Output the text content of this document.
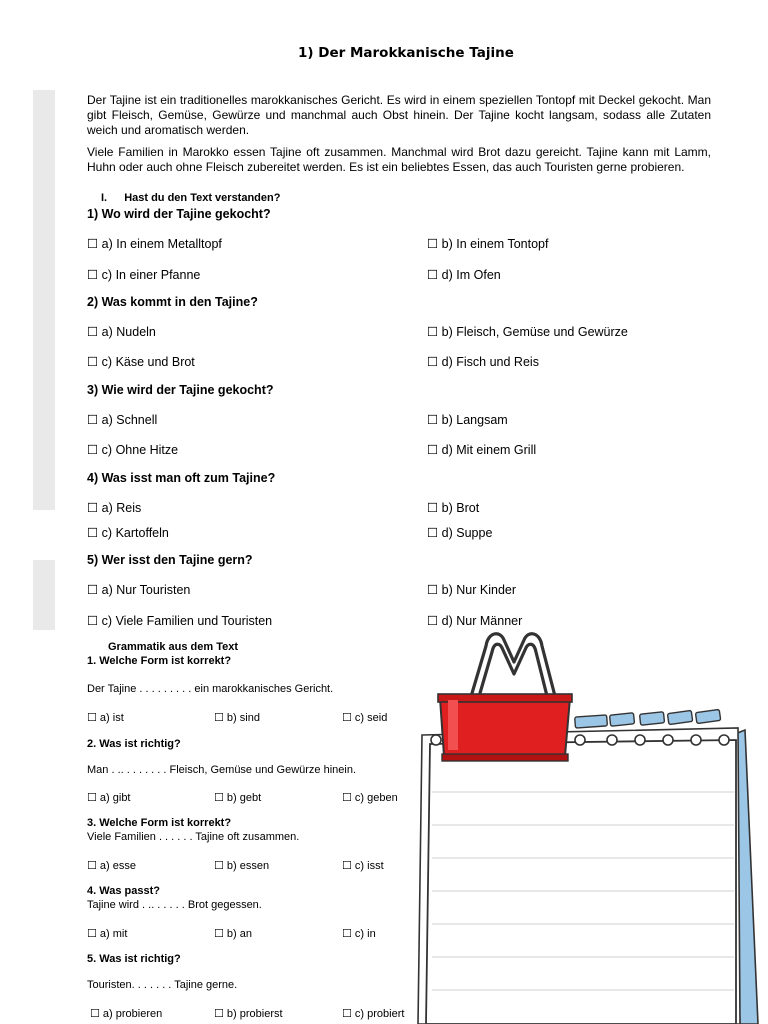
1) Der Marokkanische Tajine
Der Tajine ist ein traditionelles marokkanisches Gericht. Es wird in einem speziellen Tontopf mit Deckel gekocht. Man gibt Fleisch, Gemüse, Gewürze und manchmal auch Obst hinein. Der Tajine kocht langsam, sodass alle Zutaten weich und aromatisch werden.
Viele Familien in Marokko essen Tajine oft zusammen. Manchmal wird Brot dazu gereicht. Tajine kann mit Lamm, Huhn oder auch ohne Fleisch zubereitet werden. Es ist ein beliebtes Essen, das auch Touristen gerne probieren.
I. Hast du den Text verstanden?
1) Wo wird der Tajine gekocht?
☐ a) In einem Metalltopf	☐ b) In einem Tontopf
☐ c) In einer Pfanne	☐ d) Im Ofen
2) Was kommt in den Tajine?
☐ a) Nudeln	☐ b) Fleisch, Gemüse und Gewürze
☐ c) Käse und Brot	☐ d) Fisch und Reis
3) Wie wird der Tajine gekocht?
☐ a) Schnell	☐ b) Langsam
☐ c) Ohne Hitze	☐ d) Mit einem Grill
4) Was isst man oft zum Tajine?
☐ a) Reis	☐ b) Brot
☐ c) Kartoffeln	☐ d) Suppe
5) Wer isst den Tajine gern?
☐ a) Nur Touristen	☐ b) Nur Kinder
☐ c) Viele Familien und Touristen	☐ d) Nur Männer
Grammatik aus dem Text
1. Welche Form ist korrekt?
Der Tajine . . . . . . . . . ein marokkanisches Gericht.
☐ a) ist	☐ b) sind	☐ c) seid
2. Was ist richtig?
Man . .. . . . . . . . Fleisch, Gemüse und Gewürze hinein.
☐ a) gibt	☐ b) gebt	☐ c) geben
3. Welche Form ist korrekt?
Viele Familien . . . . . . Tajine oft zusammen.
☐ a) esse	☐ b) essen	☐ c) isst
4. Was passt?
Tajine wird . .. . . . . . Brot gegessen.
☐ a) mit	☐ b) an	☐ c) in
5. Was ist richtig?
Touristen. . . . . . . Tajine gerne.
☐ a) probieren	☐ b) probierst	☐ c) probiert
